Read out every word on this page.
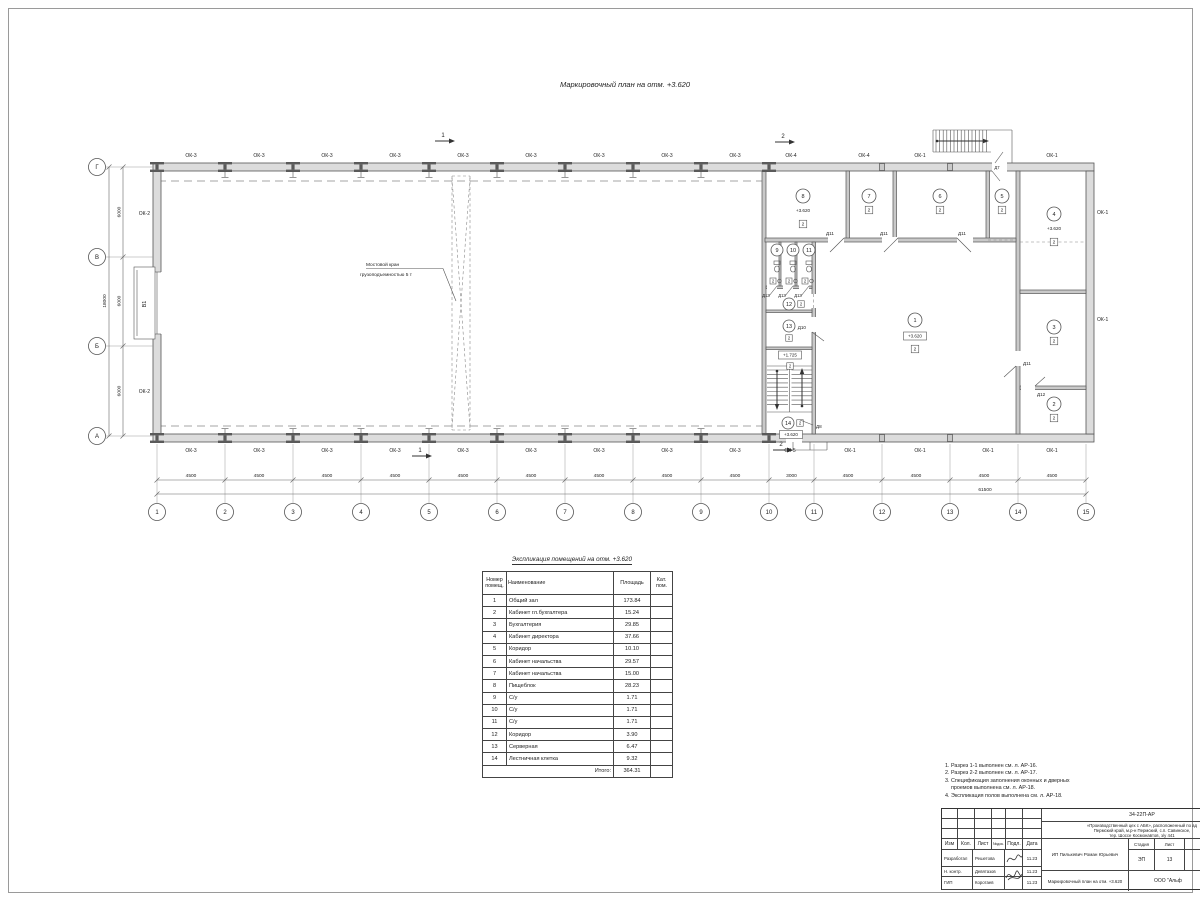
Маркировочный план на отм. +3.620
Мостовой кран
грузоподъемностью 5 т
В1
1	2	3	4	5	6	7	8	9	10	11	12	13	14	15
4500	4500	4500	4500	4500	4500	4500	4500	4500	3000	4500	4500	4500	4500
61500
Г
В
Б
А
6000
6000
6000
18000
1
1
2
2
ОК-3
ОК-3
ОК-3
ОК-3
ОК-3
ОК-3
ОК-3
ОК-3
ОК-3
ОК-3
ОК-3
ОК-3
ОК-3
ОК-3
ОК-3
ОК-3
ОК-3
ОК-3
ОК-4	ОК-4	ОК-1	ОК-1
ОК-5	ОК-1	ОК-1	ОК-1	ОК-1
ОК-2
ОК-2
ОК-1
ОК-1
1
+3.620
2
2
2
3
2
4
+3.620
2
5
2
6
2
7
2
8
+3.620
2
9 10 11
2	2	2
12 2
13
2
+1.725
2
14 2
+3.620
Д11	Д11	Д11
Д11
Д12
Д13 Д13 Д13
Д10
Д8
Д7
Экспликация помещений на отм. +3.620
Номер помещ.	Наименование	Площадь	Кат. пом.
1	Общий зал	173.84	
2	Кабинет гл.бухгалтера	15.24	
3	Бухгалтерия	29.85	
4	Кабинет директора	37.66	
5	Коридор	10.10	
6	Кабинет начальства	29.57	
7	Кабинет начальства	15.00	
8	Пищеблок	28.23	
9	С/у	1.71	
10	С/у	1.71	
11	С/у	1.71	
12	Коридор	3.90	
13	Серверная	6.47	
14	Лестничная клетка	9.32	
Итого:		364.31	
1. Разрез 1-1 выполнен см. л. АР-16.
2. Разрез 2-2 выполнен см. л. АР-17.
3. Спецификация заполнения оконных и дверных
проемов выполнена см. л. АР-18.
4. Экспликация полов выполнена см. л. АР-18.
Изм	Кол.	Лист	№док. Подл.	Дата
Разработал	Решетова	11.23
Н. контр.	Девятазов	11.23
ГИП	Коротаев	11.23
34-22П-АР
«Производственный цех с АБК», расположенный по ад
Пермский край, м.р-н Пермский, с.п. Савинское,
тер. Шоссе Космонавтов, з/у 441
ИП Пилькевич Роман Юрьевич
Стадия	Лист
ЭП	13
Маркировочный план на отм. +3.620	ООО "Альф
